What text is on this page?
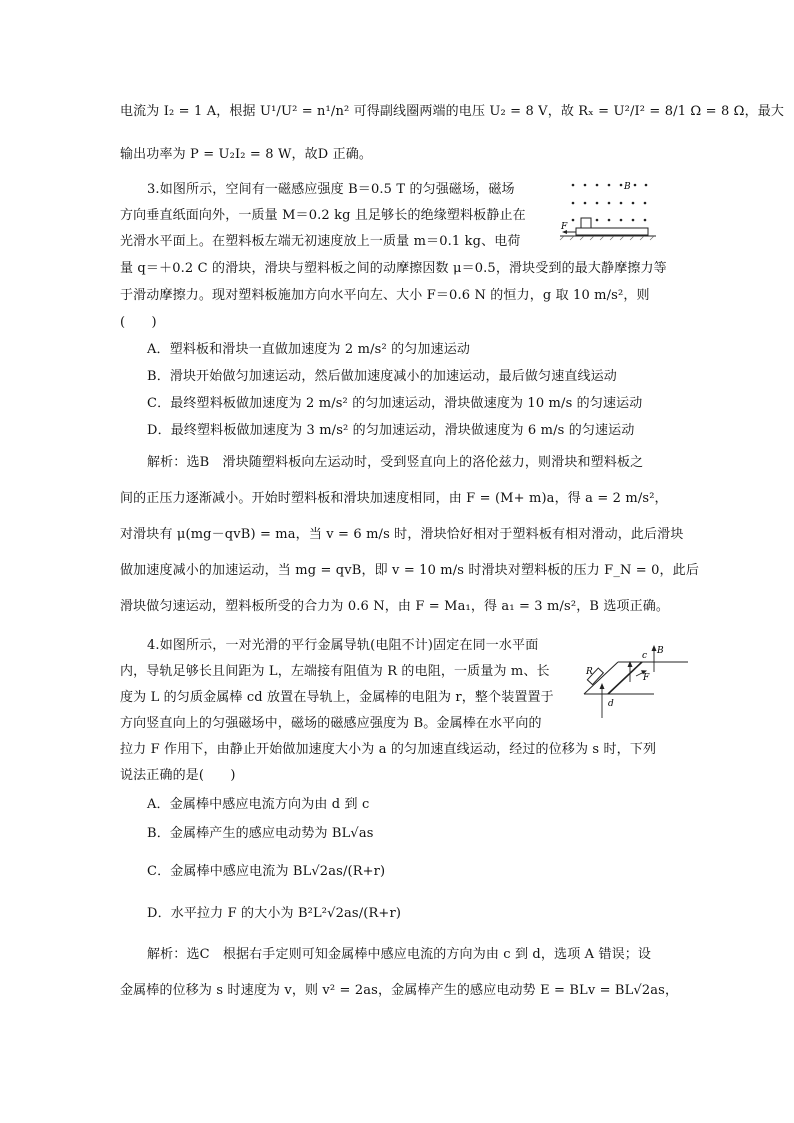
电流为 I₂ = 1 A，根据 U¹/U² = n¹/n² 可得副线圈两端的电压 U₂ = 8 V，故 Rₓ = U²/I² = 8/1 Ω = 8 Ω，最大
输出功率为 P = U₂I₂ = 8 W，故D 正确。
3.如图所示，空间有一磁感应强度 B＝0.5 T 的匀强磁场，磁场
方向垂直纸面向外，一质量 M＝0.2 kg 且足够长的绝缘塑料板静止在
光滑水平面上。在塑料板左端无初速度放上一质量 m＝0.1 kg、电荷
量 q＝＋0.2 C 的滑块，滑块与塑料板之间的动摩擦因数 μ＝0.5，滑块受到的最大静摩擦力等
于滑动摩擦力。现对塑料板施加方向水平向左、大小 F＝0.6 N 的恒力，g 取 10 m/s²，则
(　　)
A．塑料板和滑块一直做加速度为 2 m/s² 的匀加速运动
B．滑块开始做匀加速运动，然后做加速度减小的加速运动，最后做匀速直线运动
C．最终塑料板做加速度为 2 m/s² 的匀加速运动，滑块做速度为 10 m/s 的匀速运动
D．最终塑料板做加速度为 3 m/s² 的匀加速运动，滑块做速度为 6 m/s 的匀速运动
解析：选B　滑块随塑料板向左运动时，受到竖直向上的洛伦兹力，则滑块和塑料板之
间的正压力逐渐减小。开始时塑料板和滑块加速度相同，由 F = (M+ m)a，得 a = 2 m/s²，
对滑块有 μ(mg－qvB) = ma，当 v = 6 m/s 时，滑块恰好相对于塑料板有相对滑动，此后滑块
做加速度减小的加速运动，当 mg = qvB，即 v = 10 m/s 时滑块对塑料板的压力 F_N = 0，此后
滑块做匀速运动，塑料板所受的合力为 0.6 N，由 F = Ma₁，得 a₁ = 3 m/s²，B 选项正确。
4.如图所示，一对光滑的平行金属导轨(电阻不计)固定在同一水平面
内，导轨足够长且间距为 L，左端接有阻值为 R 的电阻，一质量为 m、长
度为 L 的匀质金属棒 cd 放置在导轨上，金属棒的电阻为 r，整个装置置于
方向竖直向上的匀强磁场中，磁场的磁感应强度为 B。金属棒在水平向的
拉力 F 作用下，由静止开始做加速度大小为 a 的匀加速直线运动，经过的位移为 s 时，下列
说法正确的是(　　)
A．金属棒中感应电流方向为由 d 到 c
B．金属棒产生的感应电动势为 BL√as
C．金属棒中感应电流为 BL√2as/(R+r)
D．水平拉力 F 的大小为 B²L²√2as/(R+r)
解析：选C　根据右手定则可知金属棒中感应电流的方向为由 c 到 d，选项 A 错误；设
金属棒的位移为 s 时速度为 v，则 v² = 2as，金属棒产生的感应电动势 E = BLv = BL√2as，
B
F
R
c
d
B
F
